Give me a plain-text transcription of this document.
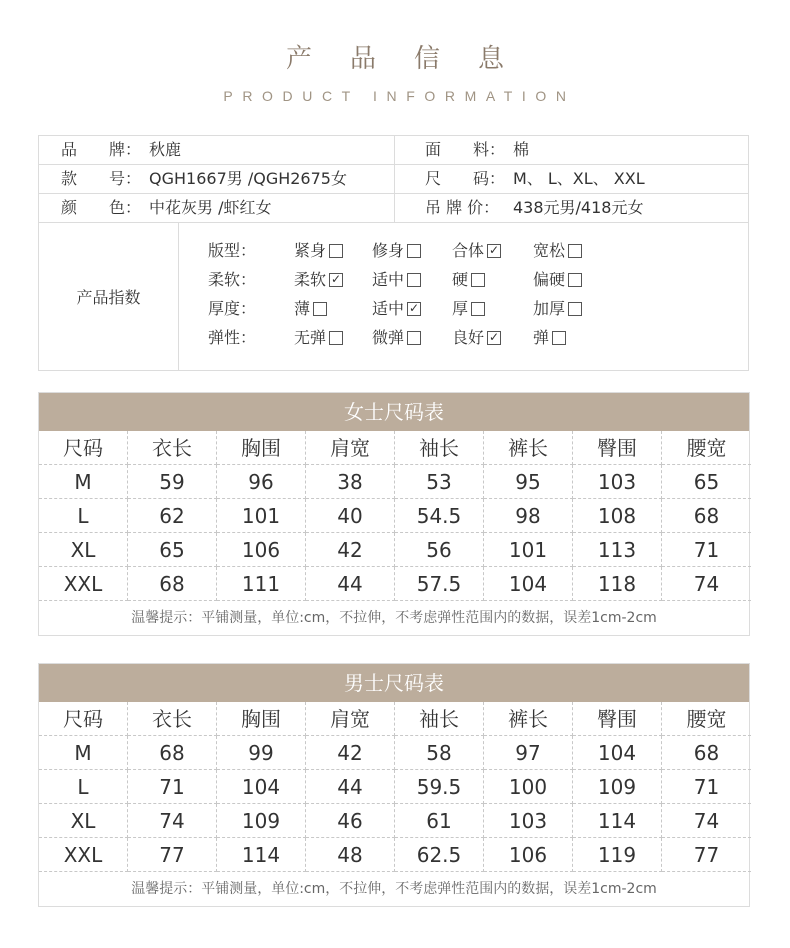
产品信息
PRODUCT INFORMATION
品　　牌： 秋鹿	面　　料： 棉
款　　号： QGH1667男 /QGH2675女	尺　　码： M、 L、XL、 XXL
颜　　色： 中花灰男 /虾红女	吊 牌 价： 438元男/418元女
产品指数
版型： 紧身	修身	合体 ✓ 宽松
柔软： 柔软 ✓ 适中	硬	偏硬
厚度： 薄	适中 ✓ 厚	加厚
弹性： 无弹	微弹	良好 ✓ 弹
女士尺码表
尺码	衣长	胸围	肩宽	袖长	裤长	臀围	腰宽
M	59	96	38	53	95	103	65
L	62	101	40	54.5	98	108	68
XL	65	106	42	56	101	113	71
XXL	68	111	44	57.5	104	118	74
温馨提示：平铺测量，单位:cm，不拉伸，不考虑弹性范围内的数据，误差1cm-2cm
男士尺码表
尺码	衣长	胸围	肩宽	袖长	裤长	臀围	腰宽
M	68	99	42	58	97	104	68
L	71	104	44	59.5	100	109	71
XL	74	109	46	61	103	114	74
XXL	77	114	48	62.5	106	119	77
温馨提示：平铺测量，单位:cm，不拉伸，不考虑弹性范围内的数据，误差1cm-2cm
